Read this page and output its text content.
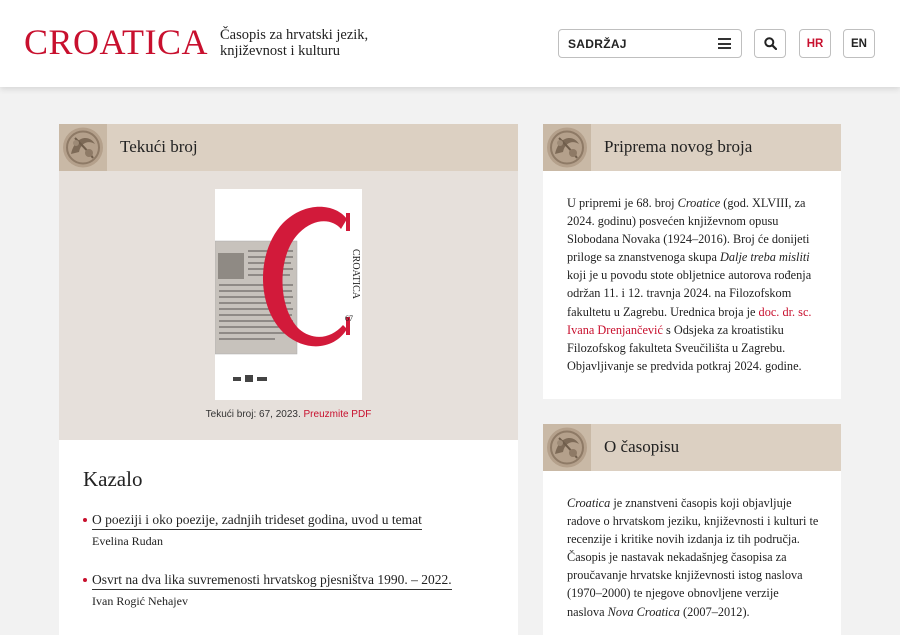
CROATICA Časopis za hrvatski jezik, književnost i kulturu	SADRŽAJ	HR	EN
Tekući broj
CROATICA
67
Tekući broj: 67, 2023. Preuzmite PDF
Kazalo
O poeziji i oko poezije, zadnjih trideset godina, uvod u temat
Evelina Rudan
Osvrt na dva lika suvremenosti hrvatskog pjesništva 1990. – 2022.
Ivan Rogić Nehajev
Priprema novog broja
U pripremi je 68. broj Croatice (god. XLVIII, za 2024. godinu) posvećen književnom opusu Slobodana Novaka (1924–2016). Broj će donijeti priloge sa znanstvenoga skupa Dalje treba misliti koji je u povodu stote obljetnice autorova rođenja održan 11. i 12. travnja 2024. na Filozofskom fakultetu u Zagrebu. Urednica broja je doc. dr. sc. Ivana Drenjančević s Odsjeka za kroatistiku Filozofskog fakulteta Sveučilišta u Zagrebu. Objavljivanje se predvida potkraj 2024. godine.
O časopisu
Croatica je znanstveni časopis koji objavljuje radove o hrvatskom jeziku, književnosti i kulturi te recenzije i kritike novih izdanja iz tih područja. Časopis je nastavak nekadašnjeg časopisa za proučavanje hrvatske književnosti istog naslova (1970–2000) te njegove obnovljene verzije naslova Nova Croatica (2007–2012).
